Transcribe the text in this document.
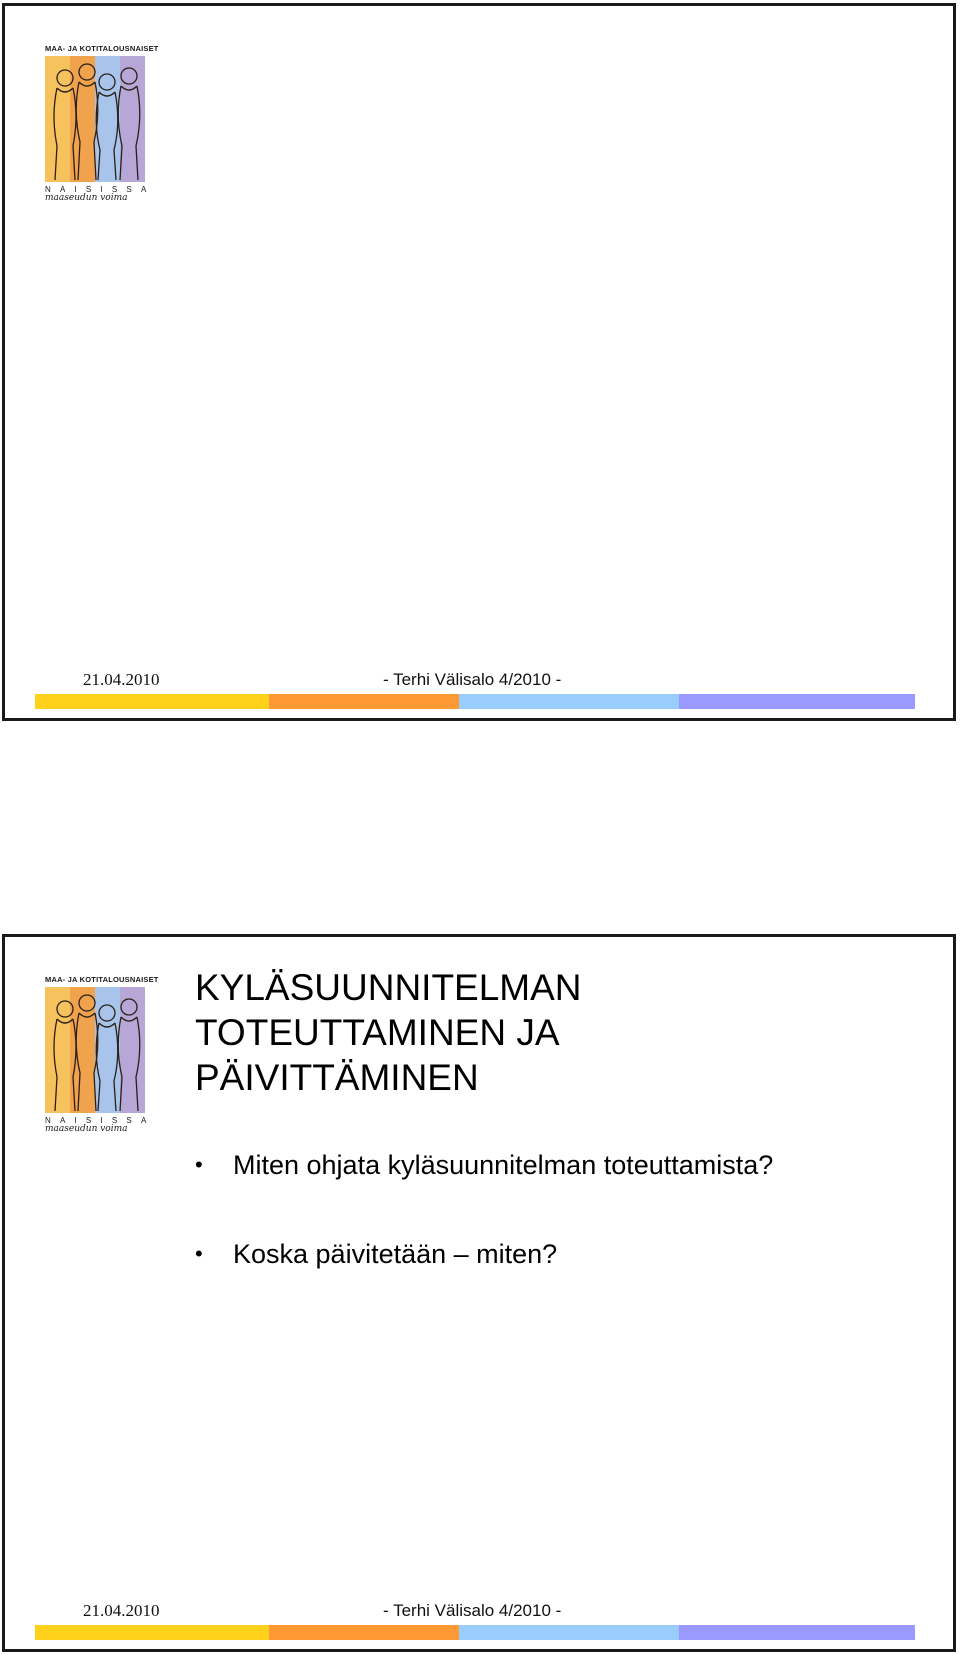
MAA- JA KOTITALOUSNAISET
NAISISSA
maaseudun voima
21.04.2010	- Terhi Välisalo 4/2010 -
MAA- JA KOTITALOUSNAISET
NAISISSA
maaseudun voima
KYLÄSUUNNITELMAN
TOTEUTTAMINEN JA
PÄIVITTÄMINEN
• Miten ohjata kyläsuunnitelman toteuttamista?
• Koska päivitetään – miten?
21.04.2010	- Terhi Välisalo 4/2010 -
